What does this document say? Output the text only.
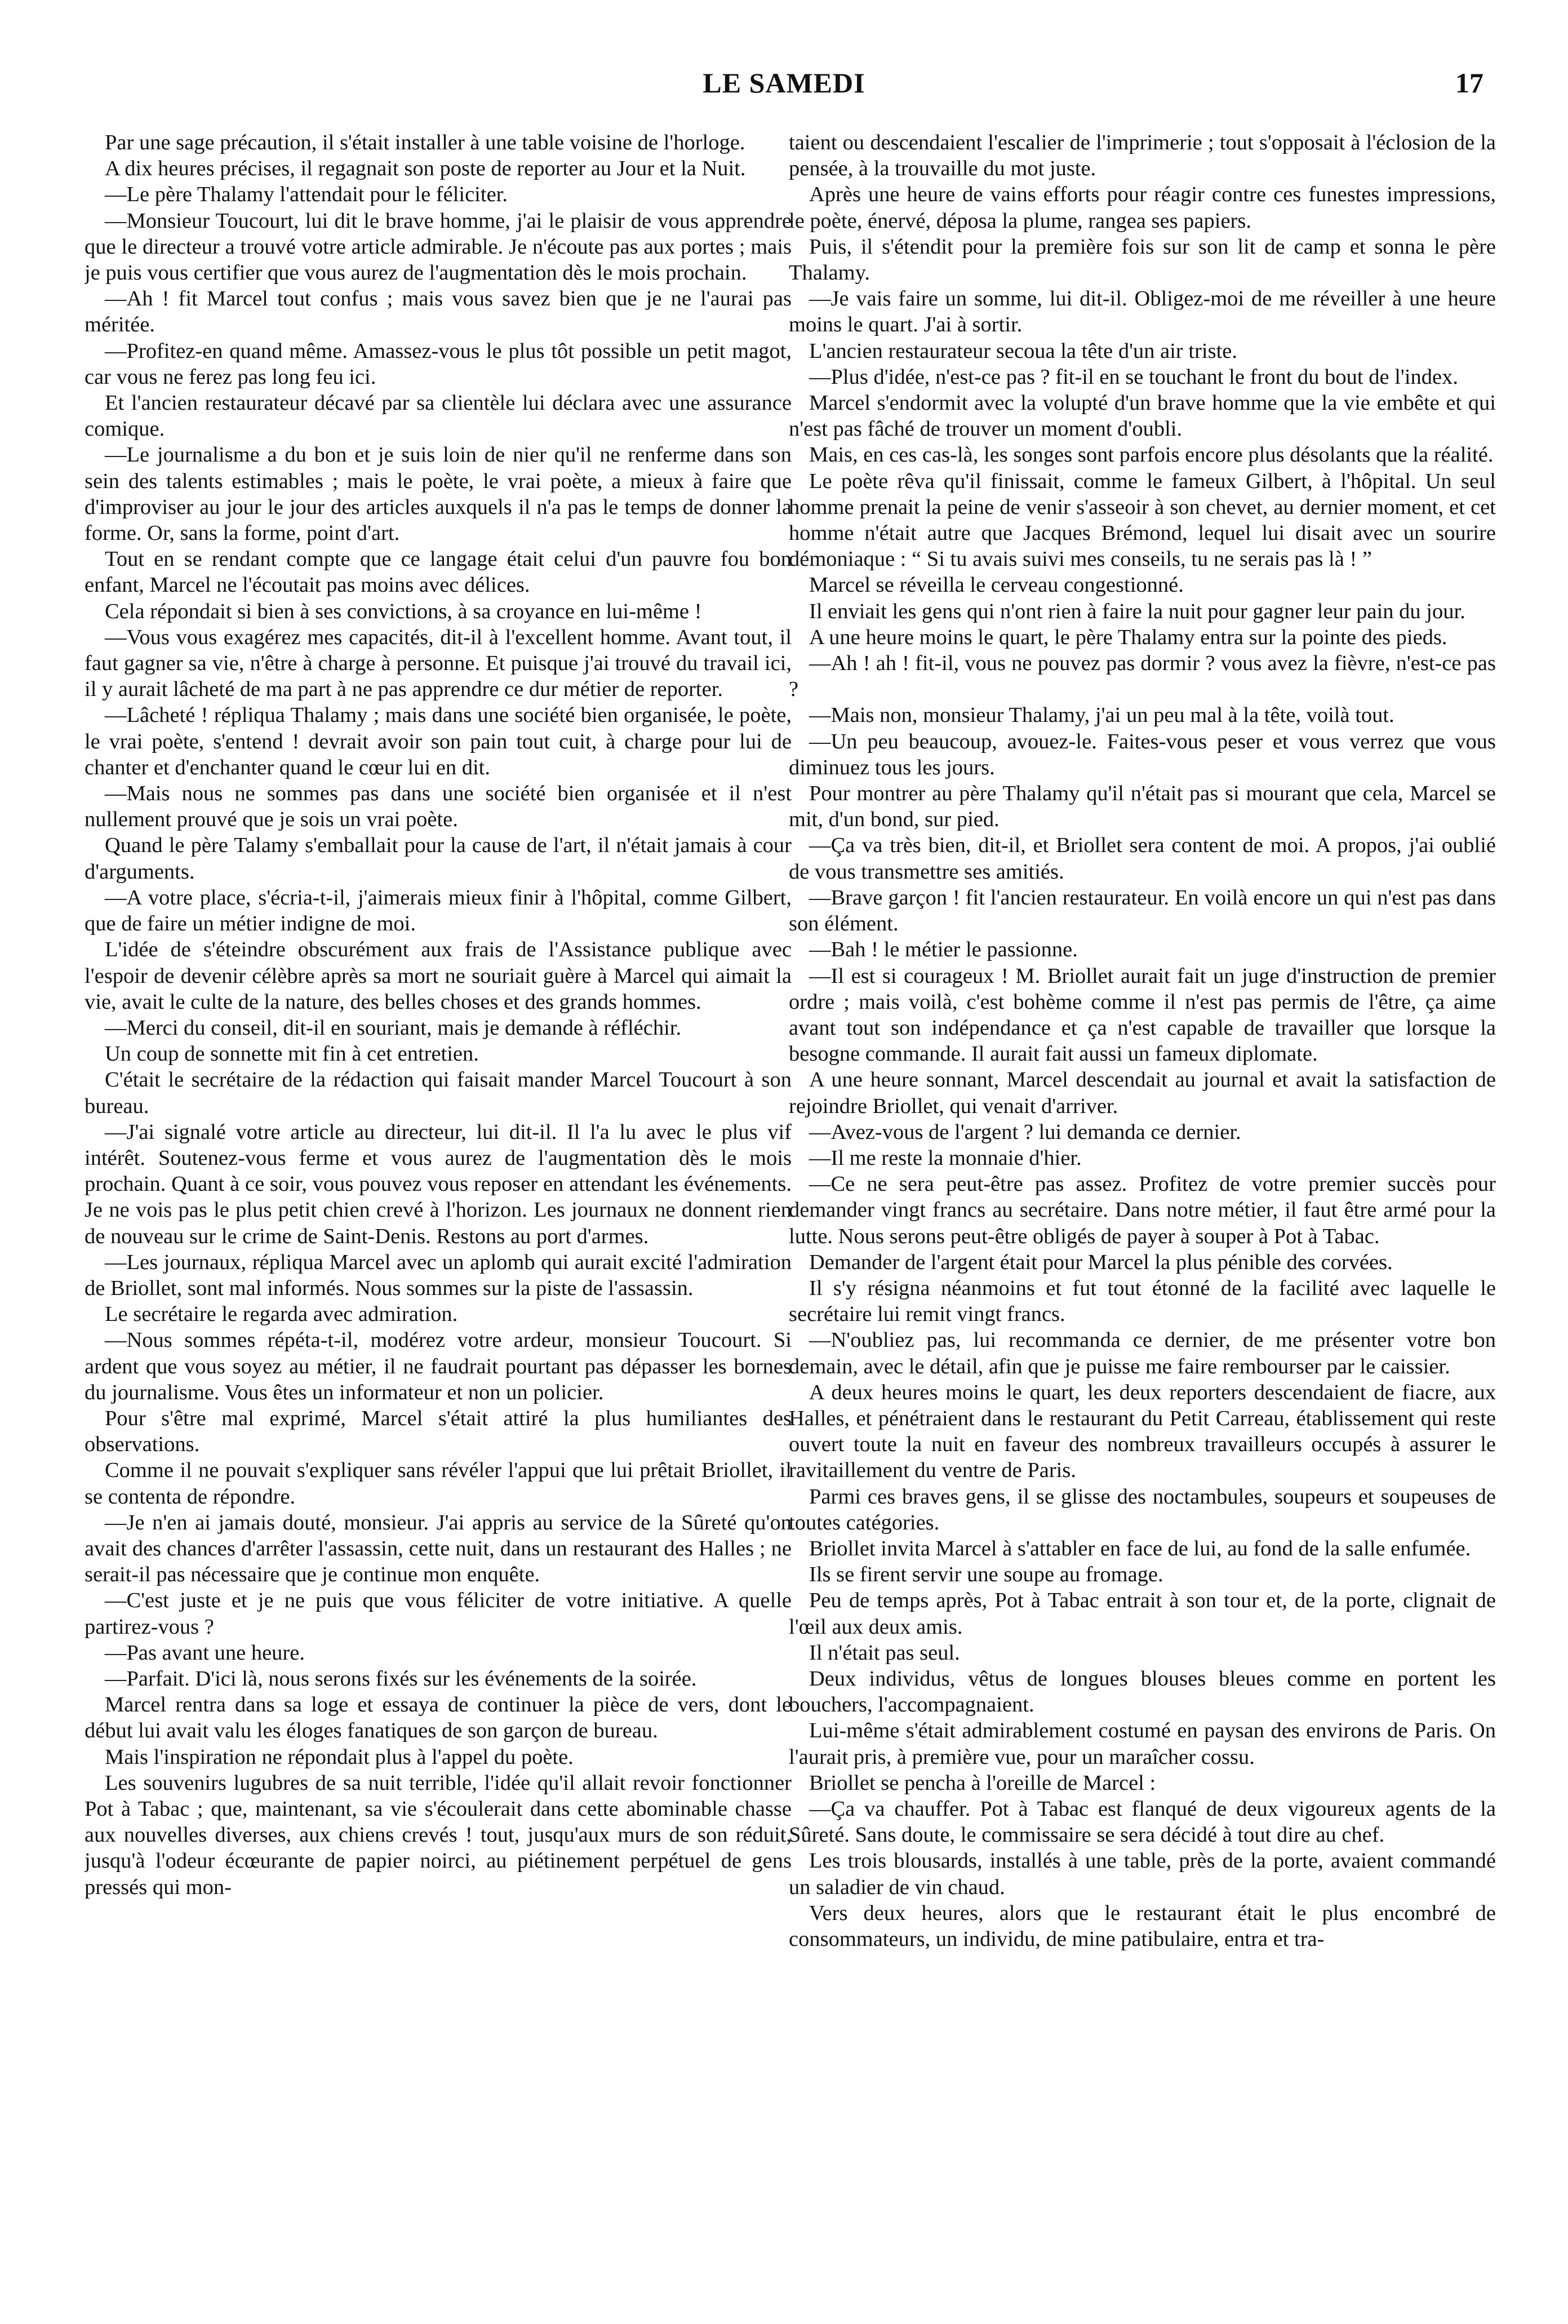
LE SAMEDI	17

Par une sage précaution, il s'était installer à une table voisine de l'horloge.

A dix heures précises, il regagnait son poste de reporter au Jour et la Nuit.

—Le père Thalamy l'attendait pour le féliciter.

—Monsieur Toucourt, lui dit le brave homme, j'ai le plaisir de vous apprendre que le directeur a trouvé votre article admirable. Je n'écoute pas aux portes ; mais je puis vous certifier que vous aurez de l'augmentation dès le mois prochain.

—Ah ! fit Marcel tout confus ; mais vous savez bien que je ne l'aurai pas méritée.

—Profitez-en quand même. Amassez-vous le plus tôt possible un petit magot, car vous ne ferez pas long feu ici.

Et l'ancien restaurateur décavé par sa clientèle lui déclara avec une assurance comique.

—Le journalisme a du bon et je suis loin de nier qu'il ne renferme dans son sein des talents estimables ; mais le poète, le vrai poète, a mieux à faire que d'improviser au jour le jour des articles auxquels il n'a pas le temps de donner la forme. Or, sans la forme, point d'art.

Tout en se rendant compte que ce langage était celui d'un pauvre fou bon enfant, Marcel ne l'écoutait pas moins avec délices.

Cela répondait si bien à ses convictions, à sa croyance en lui-même !

—Vous vous exagérez mes capacités, dit-il à l'excellent homme. Avant tout, il faut gagner sa vie, n'être à charge à personne. Et puisque j'ai trouvé du travail ici, il y aurait lâcheté de ma part à ne pas apprendre ce dur métier de reporter.

—Lâcheté ! répliqua Thalamy ; mais dans une société bien organisée, le poète, le vrai poète, s'entend ! devrait avoir son pain tout cuit, à charge pour lui de chanter et d'enchanter quand le cœur lui en dit.

—Mais nous ne sommes pas dans une société bien organisée et il n'est nullement prouvé que je sois un vrai poète.

Quand le père Talamy s'emballait pour la cause de l'art, il n'était jamais à cour d'arguments.

—A votre place, s'écria-t-il, j'aimerais mieux finir à l'hôpital, comme Gilbert, que de faire un métier indigne de moi.

L'idée de s'éteindre obscurément aux frais de l'Assistance publique avec l'espoir de devenir célèbre après sa mort ne souriait guère à Marcel qui aimait la vie, avait le culte de la nature, des belles choses et des grands hommes.

—Merci du conseil, dit-il en souriant, mais je demande à réfléchir.

Un coup de sonnette mit fin à cet entretien.

C'était le secrétaire de la rédaction qui faisait mander Marcel Toucourt à son bureau.

—J'ai signalé votre article au directeur, lui dit-il. Il l'a lu avec le plus vif intérêt. Soutenez-vous ferme et vous aurez de l'augmentation dès le mois prochain. Quant à ce soir, vous pouvez vous reposer en attendant les événements. Je ne vois pas le plus petit chien crevé à l'horizon. Les journaux ne donnent rien de nouveau sur le crime de Saint-Denis. Restons au port d'armes.

—Les journaux, répliqua Marcel avec un aplomb qui aurait excité l'admiration de Briollet, sont mal informés. Nous sommes sur la piste de l'assassin.

Le secrétaire le regarda avec admiration.

—Nous sommes répéta-t-il, modérez votre ardeur, monsieur Toucourt. Si ardent que vous soyez au métier, il ne faudrait pourtant pas dépasser les bornes du journalisme. Vous êtes un informateur et non un policier.

Pour s'être mal exprimé, Marcel s'était attiré la plus humiliantes des observations.

Comme il ne pouvait s'expliquer sans révéler l'appui que lui prêtait Briollet, il se contenta de répondre.

—Je n'en ai jamais douté, monsieur. J'ai appris au service de la Sûreté qu'on avait des chances d'arrêter l'assassin, cette nuit, dans un restaurant des Halles ; ne serait-il pas nécessaire que je continue mon enquête.

—C'est juste et je ne puis que vous féliciter de votre initiative. A quelle partirez-vous ?

—Pas avant une heure.

—Parfait. D'ici là, nous serons fixés sur les événements de la soirée.

Marcel rentra dans sa loge et essaya de continuer la pièce de vers, dont le début lui avait valu les éloges fanatiques de son garçon de bureau.

Mais l'inspiration ne répondait plus à l'appel du poète.

Les souvenirs lugubres de sa nuit terrible, l'idée qu'il allait revoir fonctionner Pot à Tabac ; que, maintenant, sa vie s'écoulerait dans cette abominable chasse aux nouvelles diverses, aux chiens crevés ! tout, jusqu'aux murs de son réduit, jusqu'à l'odeur écœurante de papier noirci, au piétinement perpétuel de gens pressés qui mon-

taient ou descendaient l'escalier de l'imprimerie ; tout s'opposait à l'éclosion de la pensée, à la trouvaille du mot juste.

Après une heure de vains efforts pour réagir contre ces funestes impressions, le poète, énervé, déposa la plume, rangea ses papiers.

Puis, il s'étendit pour la première fois sur son lit de camp et sonna le père Thalamy.

—Je vais faire un somme, lui dit-il. Obligez-moi de me réveiller à une heure moins le quart. J'ai à sortir.

L'ancien restaurateur secoua la tête d'un air triste.

—Plus d'idée, n'est-ce pas ? fit-il en se touchant le front du bout de l'index.

Marcel s'endormit avec la volupté d'un brave homme que la vie embête et qui n'est pas fâché de trouver un moment d'oubli.

Mais, en ces cas-là, les songes sont parfois encore plus désolants que la réalité.

Le poète rêva qu'il finissait, comme le fameux Gilbert, à l'hôpital. Un seul homme prenait la peine de venir s'asseoir à son chevet, au dernier moment, et cet homme n'était autre que Jacques Brémond, lequel lui disait avec un sourire démoniaque : “ Si tu avais suivi mes conseils, tu ne serais pas là ! ”

Marcel se réveilla le cerveau congestionné.

Il enviait les gens qui n'ont rien à faire la nuit pour gagner leur pain du jour.

A une heure moins le quart, le père Thalamy entra sur la pointe des pieds.

—Ah ! ah ! fit-il, vous ne pouvez pas dormir ? vous avez la fièvre, n'est-ce pas ?

—Mais non, monsieur Thalamy, j'ai un peu mal à la tête, voilà tout.

—Un peu beaucoup, avouez-le. Faites-vous peser et vous verrez que vous diminuez tous les jours.

Pour montrer au père Thalamy qu'il n'était pas si mourant que cela, Marcel se mit, d'un bond, sur pied.

—Ça va très bien, dit-il, et Briollet sera content de moi. A propos, j'ai oublié de vous transmettre ses amitiés.

—Brave garçon ! fit l'ancien restaurateur. En voilà encore un qui n'est pas dans son élément.

—Bah ! le métier le passionne.

—Il est si courageux ! M. Briollet aurait fait un juge d'instruction de premier ordre ; mais voilà, c'est bohème comme il n'est pas permis de l'être, ça aime avant tout son indépendance et ça n'est capable de travailler que lorsque la besogne commande. Il aurait fait aussi un fameux diplomate.

A une heure sonnant, Marcel descendait au journal et avait la satisfaction de rejoindre Briollet, qui venait d'arriver.

—Avez-vous de l'argent ? lui demanda ce dernier.

—Il me reste la monnaie d'hier.

—Ce ne sera peut-être pas assez. Profitez de votre premier succès pour demander vingt francs au secrétaire. Dans notre métier, il faut être armé pour la lutte. Nous serons peut-être obligés de payer à souper à Pot à Tabac.

Demander de l'argent était pour Marcel la plus pénible des corvées.

Il s'y résigna néanmoins et fut tout étonné de la facilité avec laquelle le secrétaire lui remit vingt francs.

—N'oubliez pas, lui recommanda ce dernier, de me présenter votre bon demain, avec le détail, afin que je puisse me faire rembourser par le caissier.

A deux heures moins le quart, les deux reporters descendaient de fiacre, aux Halles, et pénétraient dans le restaurant du Petit Carreau, établissement qui reste ouvert toute la nuit en faveur des nombreux travailleurs occupés à assurer le ravitaillement du ventre de Paris.

Parmi ces braves gens, il se glisse des noctambules, soupeurs et soupeuses de toutes catégories.

Briollet invita Marcel à s'attabler en face de lui, au fond de la salle enfumée.

Ils se firent servir une soupe au fromage.

Peu de temps après, Pot à Tabac entrait à son tour et, de la porte, clignait de l'œil aux deux amis.

Il n'était pas seul.

Deux individus, vêtus de longues blouses bleues comme en portent les bouchers, l'accompagnaient.

Lui-même s'était admirablement costumé en paysan des environs de Paris. On l'aurait pris, à première vue, pour un maraîcher cossu.

Briollet se pencha à l'oreille de Marcel :

—Ça va chauffer. Pot à Tabac est flanqué de deux vigoureux agents de la Sûreté. Sans doute, le commissaire se sera décidé à tout dire au chef.

Les trois blousards, installés à une table, près de la porte, avaient commandé un saladier de vin chaud.

Vers deux heures, alors que le restaurant était le plus encombré de consommateurs, un individu, de mine patibulaire, entra et tra-
